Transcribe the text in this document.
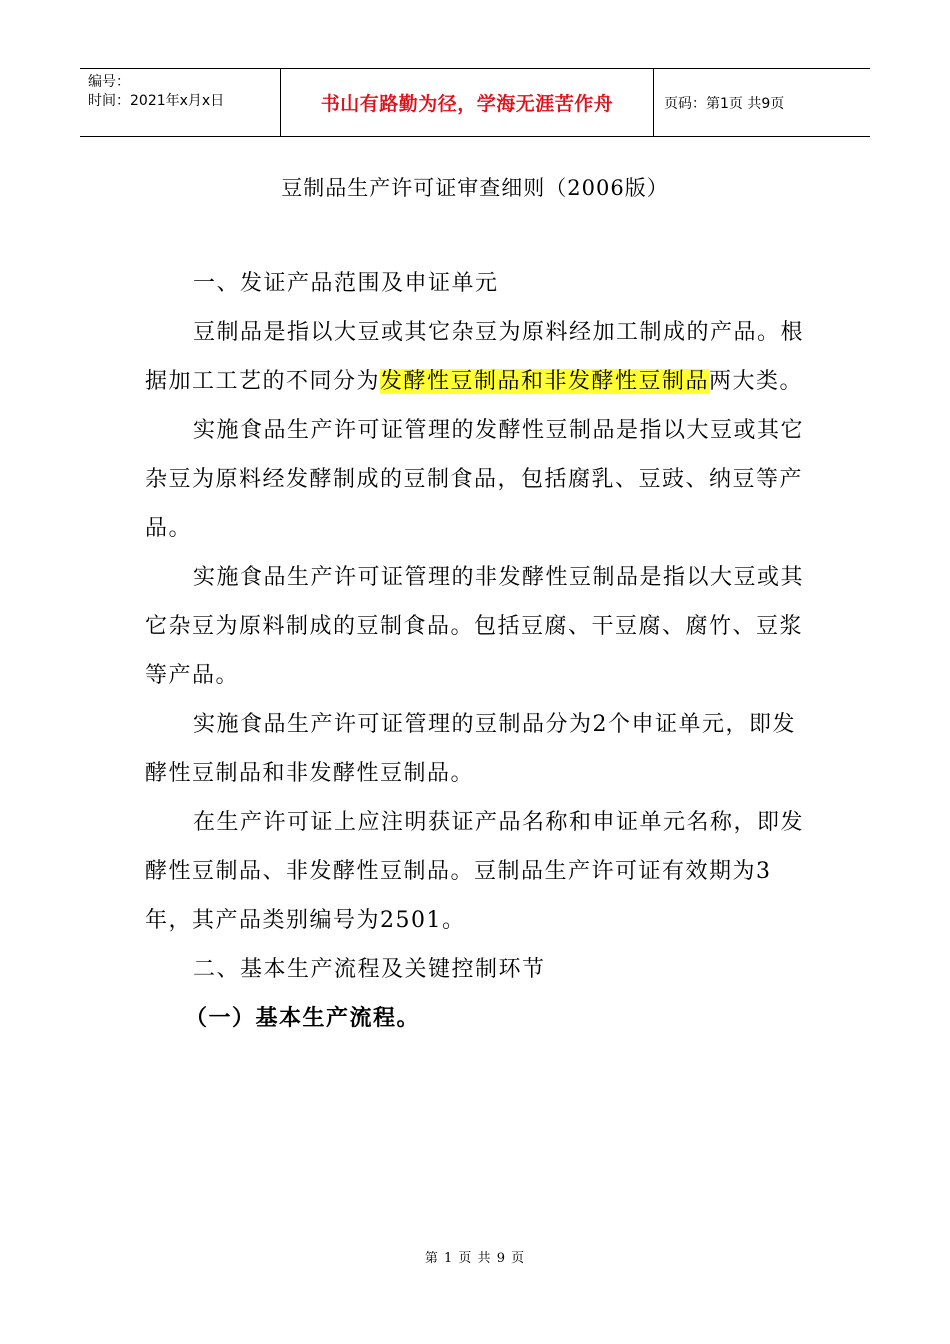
编号：
时间：2021年x月x日	书山有路勤为径，学海无涯苦作舟	页码：第1页 共9页
豆制品生产许可证审查细则（2006版）

一、发证产品范围及申证单元

豆制品是指以大豆或其它杂豆为原料经加工制成的产品。根据加工工艺的不同分为发酵性豆制品和非发酵性豆制品两大类。

实施食品生产许可证管理的发酵性豆制品是指以大豆或其它杂豆为原料经发酵制成的豆制食品，包括腐乳、豆豉、纳豆等产品。

实施食品生产许可证管理的非发酵性豆制品是指以大豆或其它杂豆为原料制成的豆制食品。包括豆腐、干豆腐、腐竹、豆浆等产品。

实施食品生产许可证管理的豆制品分为2个申证单元，即发酵性豆制品和非发酵性豆制品。

在生产许可证上应注明获证产品名称和申证单元名称，即发酵性豆制品、非发酵性豆制品。豆制品生产许可证有效期为3年，其产品类别编号为2501。

二、基本生产流程及关键控制环节

（一）基本生产流程。

第 1 页 共 9 页
